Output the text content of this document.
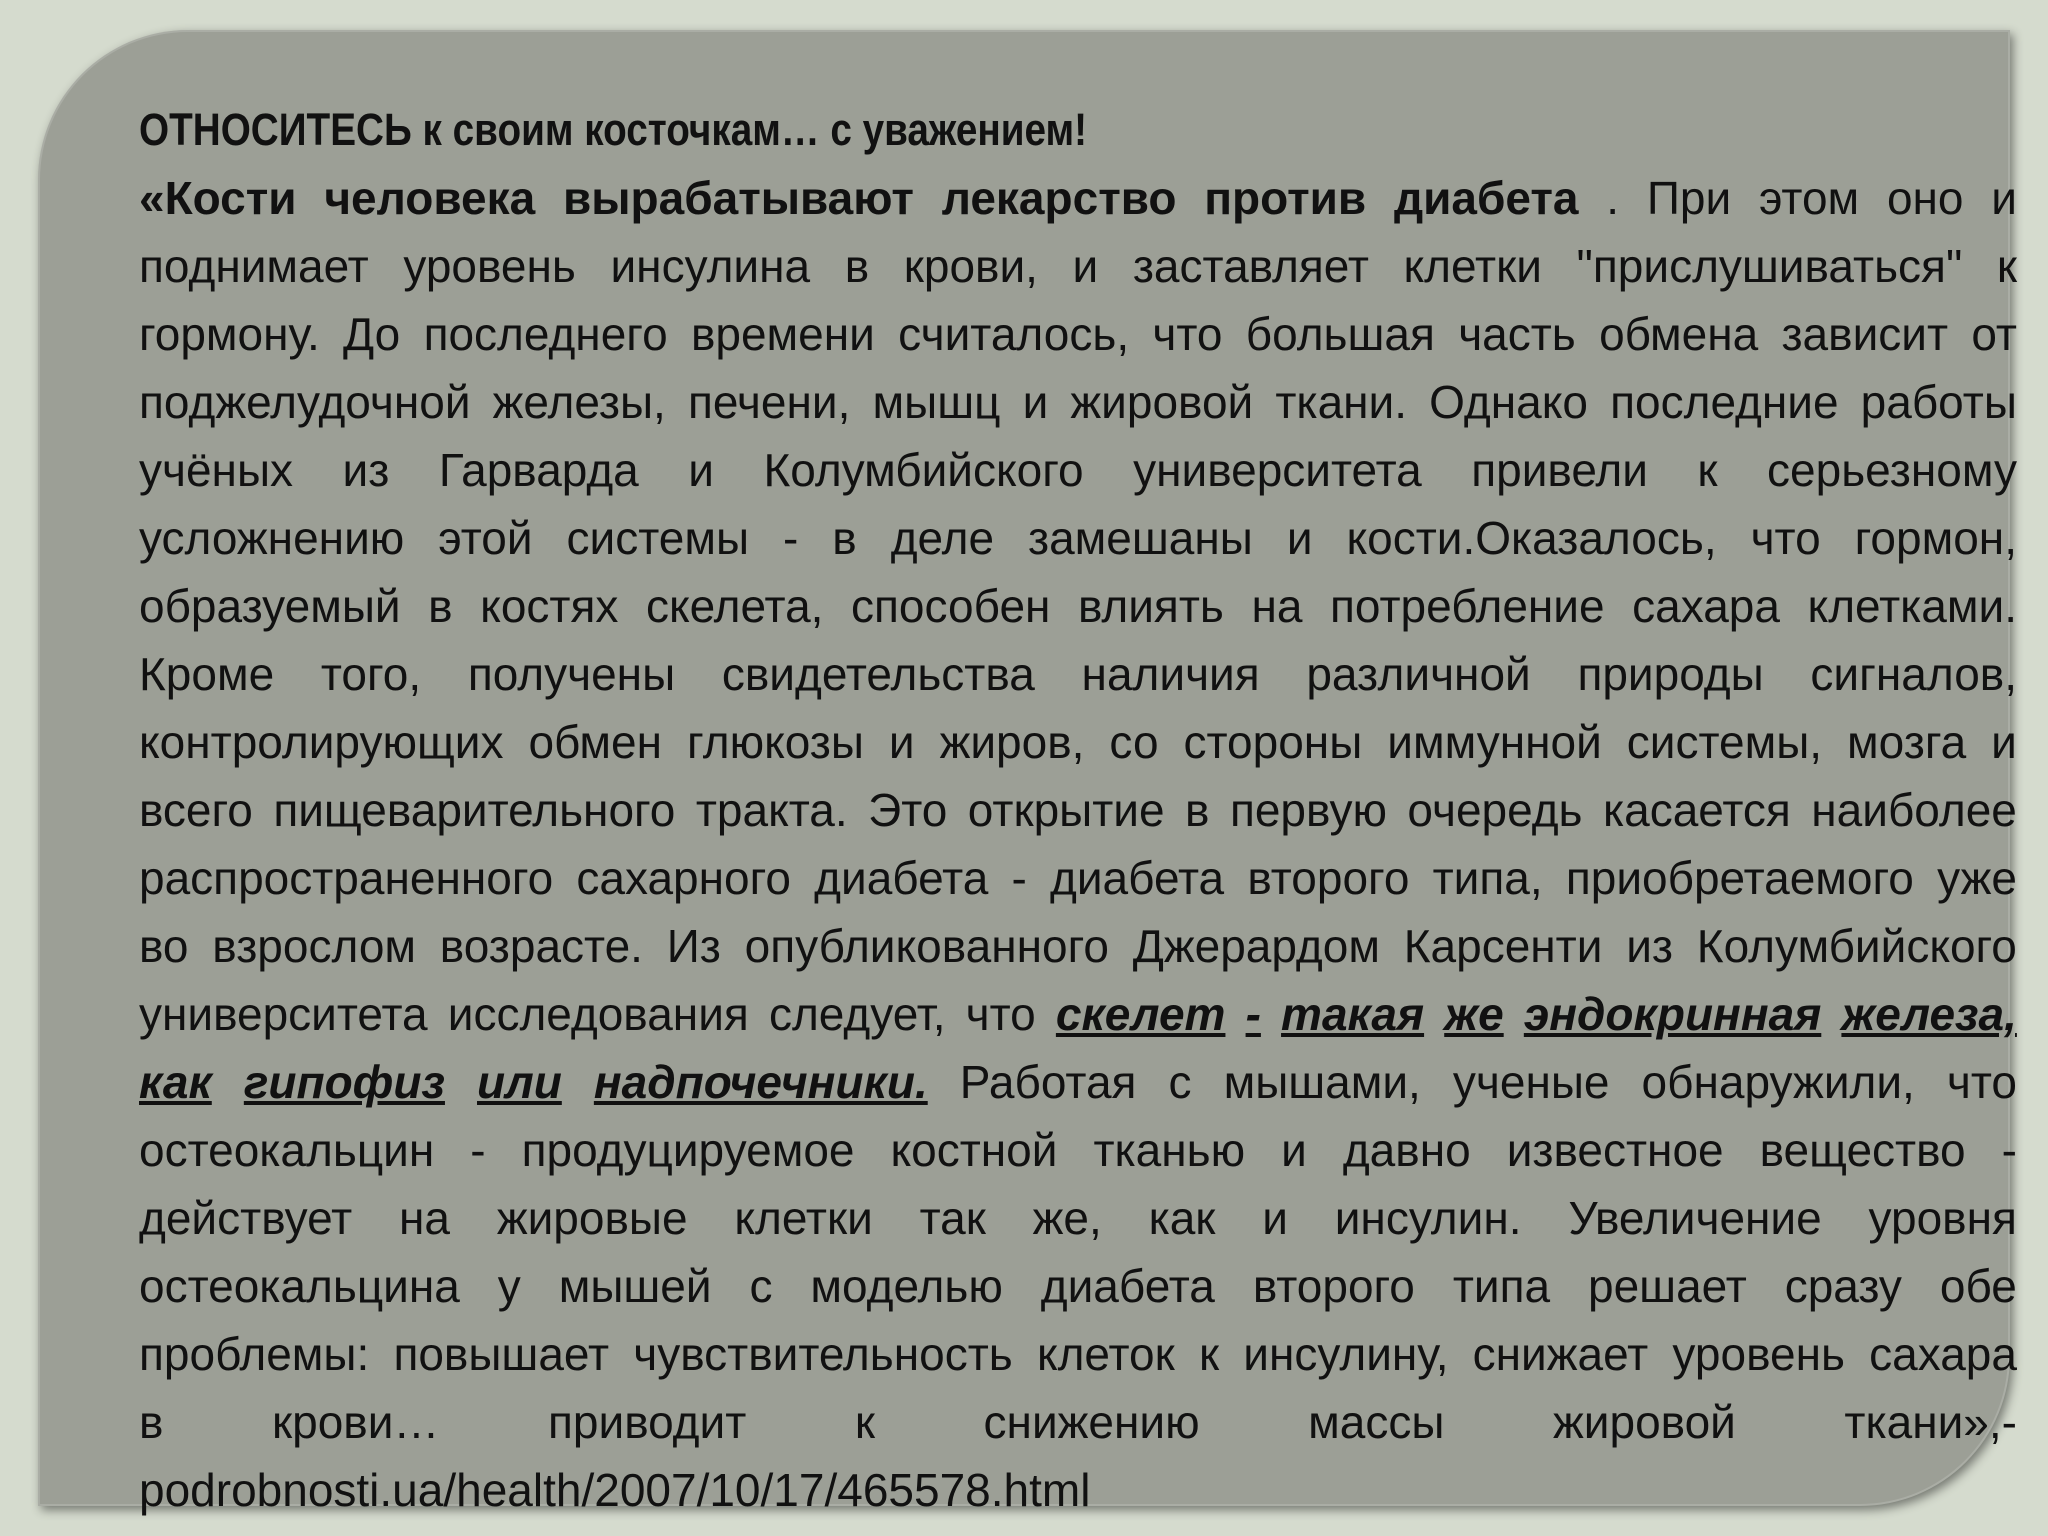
ОТНОСИТЕСЬ к своим косточкам… с уважением!
«Кости человека вырабатывают лекарство против диабета . При этом оно и
поднимает уровень инсулина в крови, и заставляет клетки "прислушиваться" к
гормону. До последнего времени считалось, что большая часть обмена зависит от
поджелудочной железы, печени, мышц и жировой ткани. Однако последние работы
учёных из Гарварда и Колумбийского университета привели к серьезному
усложнению этой системы - в деле замешаны и кости.Оказалось, что гормон,
образуемый в костях скелета, способен влиять на потребление сахара клетками.
Кроме того, получены свидетельства наличия различной природы сигналов,
контролирующих обмен глюкозы и жиров, со стороны иммунной системы, мозга и
всего пищеварительного тракта. Это открытие в первую очередь касается наиболее
распространенного сахарного диабета - диабета второго типа, приобретаемого уже
во взрослом возрасте. Из опубликованного Джерардом Карсенти из Колумбийского
университета исследования следует, что скелет - такая же эндокринная железа,
как гипофиз или надпочечники. Работая с мышами, ученые обнаружили, что
остеокальцин - продуцируемое костной тканью и давно известное вещество -
действует на жировые клетки так же, как и инсулин. Увеличение уровня
остеокальцина у мышей с моделью диабета второго типа решает сразу обе
проблемы: повышает чувствительность клеток к инсулину, снижает уровень сахара
в крови… приводит к снижению массы жировой ткани»,-
podrobnosti.ua/health/2007/10/17/465578.html
